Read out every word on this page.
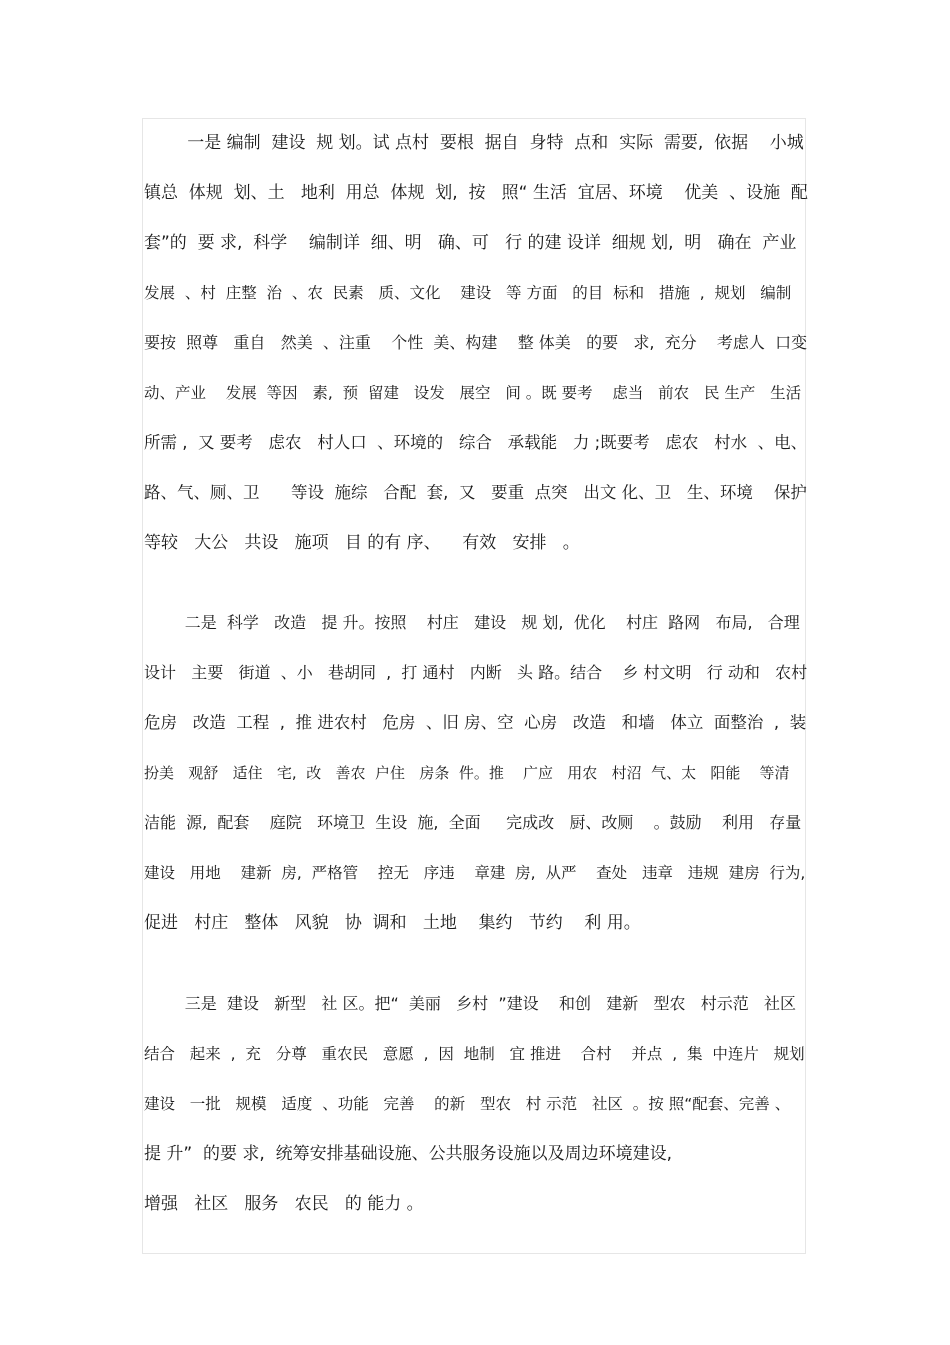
一是 编制  建设  规 划。试 点村  要根  据自  身特  点和  实际  需要,  依据    小城
镇总  体规  划、土   地利  用总  体规  划,  按   照“ 生活  宜居、环境    优美  、设施  配
套”的  要 求,  科学    编制详  细、明   确、可   行 的建 设详  细规 划,  明   确在  产业
发展  、村  庄整  治  、农  民素   质、文化    建设   等 方面   的目  标和   措施  ,  规划   编制
要按  照尊   重自   然美  、注重    个性  美、构建    整 体美   的要   求,  充分    考虑人  口变
动、产业    发展  等因   素,  预  留建   设发   展空   间 。既 要考    虑当   前农   民 生产   生活
所需 ,  又 要考   虑农   村人口  、环境的   综合   承载能   力 ;既要考   虑农   村水  、电、
路、气、厕、卫      等设  施综   合配  套,  又   要重  点突   出文 化、卫   生、环境    保护
等较   大公   共设   施项   目 的有 序、    有效   安排   。
二是  科学   改造   提 升。按照    村庄   建设   规 划,  优化    村庄  路网   布局,   合理
设计   主要   街道  、小   巷胡同  ,  打 通村   内断   头 路。结合    乡 村文明   行 动和   农村
危房   改造  工程  ,  推 进农村   危房  、旧 房、空  心房   改造   和墙   体立  面整治  ,  装
扮美   观舒   适住   宅,  改   善农  户住   房条  件。推    广应   用农   村沼  气、太   阳能    等清
洁能  源,  配套    庭院   环境卫  生设  施,  全面     完成改   厨、改厕    。鼓励    利用   存量
建设   用地    建新  房,  严格管    控无   序违    章建  房,  从严    查处   违章   违规  建房  行为,
促进   村庄   整体   风貌   协  调和   土地    集约   节约    利 用。
三是  建设   新型   社 区。把“  美丽   乡村  ”建设    和创   建新   型农   村示范   社区
结合   起来  ,  充   分尊   重农民   意愿  ,  因  地制   宜 推进    合村    并点  ,  集  中连片   规划
建设   一批   规模   适度  、功能   完善    的新   型农   村 示范   社区  。按 照“配套、完善 、
提 升”  的要 求,  统筹安排基础设施、公共服务设施以及周边环境建设,
增强   社区   服务   农民   的 能力 。
